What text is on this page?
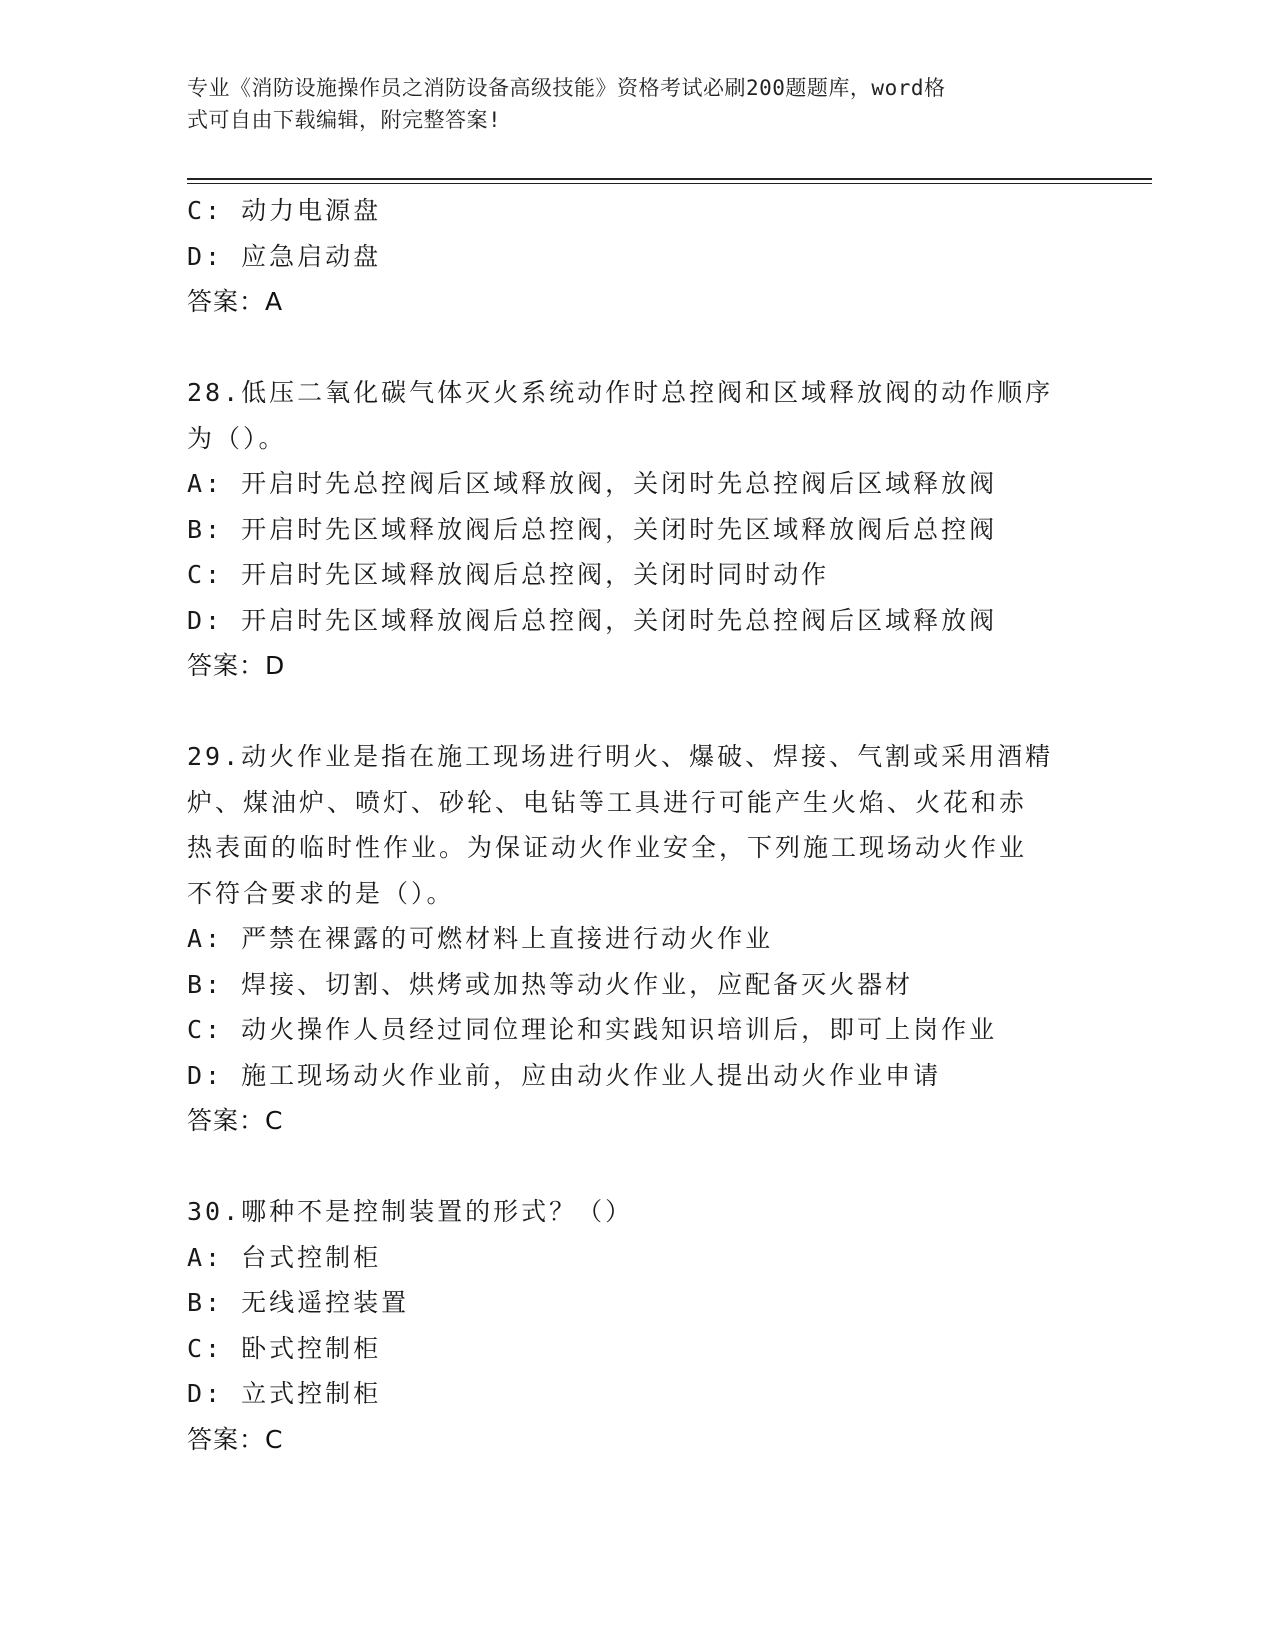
专业《消防设施操作员之消防设备高级技能》资格考试必刷200题题库，word格
式可自由下载编辑，附完整答案!
C: 动力电源盘
D: 应急启动盘
答案：A
28.低压二氧化碳气体灭火系统动作时总控阀和区域释放阀的动作顺序
为（）。
A: 开启时先总控阀后区域释放阀，关闭时先总控阀后区域释放阀
B: 开启时先区域释放阀后总控阀，关闭时先区域释放阀后总控阀
C: 开启时先区域释放阀后总控阀，关闭时同时动作
D: 开启时先区域释放阀后总控阀，关闭时先总控阀后区域释放阀
答案：D
29.动火作业是指在施工现场进行明火、爆破、焊接、气割或采用酒精
炉、煤油炉、喷灯、砂轮、电钻等工具进行可能产生火焰、火花和赤
热表面的临时性作业。为保证动火作业安全，下列施工现场动火作业
不符合要求的是（）。
A: 严禁在裸露的可燃材料上直接进行动火作业
B: 焊接、切割、烘烤或加热等动火作业，应配备灭火器材
C: 动火操作人员经过同位理论和实践知识培训后，即可上岗作业
D: 施工现场动火作业前，应由动火作业人提出动火作业申请
答案：C
30.哪种不是控制装置的形式？（）
A: 台式控制柜
B: 无线遥控装置
C: 卧式控制柜
D: 立式控制柜
答案：C
